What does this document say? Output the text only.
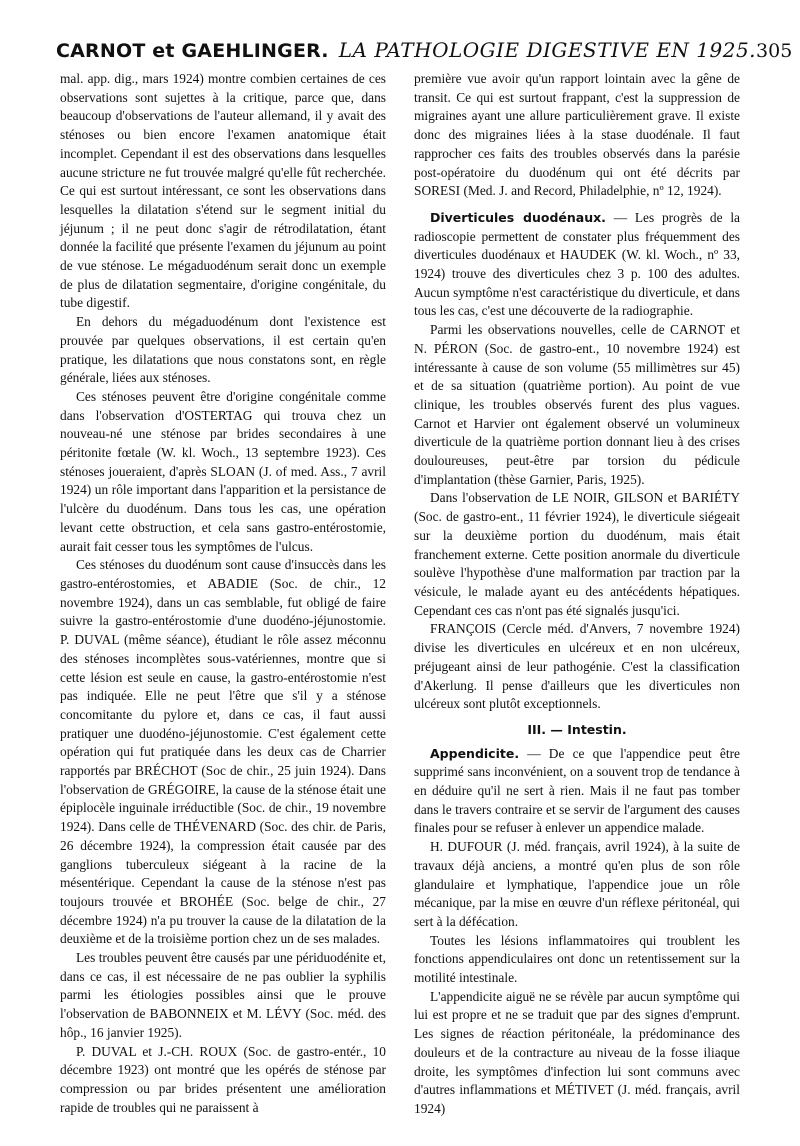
CARNOT et GAEHLINGER. LA PATHOLOGIE DIGESTIVE EN 1925. 305

mal. app. dig., mars 1924) montre combien certaines de ces observations sont sujettes à la critique, parce que, dans beaucoup d'observations de l'auteur allemand, il y avait des sténoses ou bien encore l'examen anatomique était incomplet. Cependant il est des observations dans lesquelles aucune stricture ne fut trouvée malgré qu'elle fût recherchée. Ce qui est surtout intéressant, ce sont les observations dans lesquelles la dilatation s'étend sur le segment initial du jéjunum ; il ne peut donc s'agir de rétrodilatation, étant donnée la facilité que présente l'examen du jéjunum au point de vue sténose. Le mégaduodénum serait donc un exemple de plus de dilatation segmentaire, d'origine congénitale, du tube digestif.

En dehors du mégaduodénum dont l'existence est prouvée par quelques observations, il est certain qu'en pratique, les dilatations que nous constatons sont, en règle générale, liées aux sténoses.

Ces sténoses peuvent être d'origine congénitale comme dans l'observation d'OSTERTAG qui trouva chez un nouveau-né une sténose par brides secondaires à une péritonite fœtale (W. kl. Woch., 13 septembre 1923). Ces sténoses joueraient, d'après SLOAN (J. of med. Ass., 7 avril 1924) un rôle important dans l'apparition et la persistance de l'ulcère du duodénum. Dans tous les cas, une opération levant cette obstruction, et cela sans gastro-entérostomie, aurait fait cesser tous les symptômes de l'ulcus.

Ces sténoses du duodénum sont cause d'insuccès dans les gastro-entérostomies, et ABADIE (Soc. de chir., 12 novembre 1924), dans un cas semblable, fut obligé de faire suivre la gastro-entérostomie d'une duodéno-jéjunostomie. P. DUVAL (même séance), étudiant le rôle assez méconnu des sténoses incomplètes sous-vatériennes, montre que si cette lésion est seule en cause, la gastro-entérostomie n'est pas indiquée. Elle ne peut l'être que s'il y a sténose concomitante du pylore et, dans ce cas, il faut aussi pratiquer une duodéno-jéjunostomie. C'est également cette opération qui fut pratiquée dans les deux cas de Charrier rapportés par BRÉCHOT (Soc de chir., 25 juin 1924). Dans l'observation de GRÉGOIRE, la cause de la sténose était une épiplocèle inguinale irréductible (Soc. de chir., 19 novembre 1924). Dans celle de THÉVENARD (Soc. des chir. de Paris, 26 décembre 1924), la compression était causée par des ganglions tuberculeux siégeant à la racine de la mésentérique. Cependant la cause de la sténose n'est pas toujours trouvée et BROHÉE (Soc. belge de chir., 27 décembre 1924) n'a pu trouver la cause de la dilatation de la deuxième et de la troisième portion chez un de ses malades.

Les troubles peuvent être causés par une périduodénite et, dans ce cas, il est nécessaire de ne pas oublier la syphilis parmi les étiologies possibles ainsi que le prouve l'observation de BABONNEIX et M. LÉVY (Soc. méd. des hôp., 16 janvier 1925).

P. DUVAL et J.-CH. ROUX (Soc. de gastro-entér., 10 décembre 1923) ont montré que les opérés de sténose par compression ou par brides présentent une amélioration rapide de troubles qui ne paraissent à

première vue avoir qu'un rapport lointain avec la gêne de transit. Ce qui est surtout frappant, c'est la suppression de migraines ayant une allure particulièrement grave. Il existe donc des migraines liées à la stase duodénale. Il faut rapprocher ces faits des troubles observés dans la parésie post-opératoire du duodénum qui ont été décrits par SORESI (Med. J. and Record, Philadelphie, nº 12, 1924).

Diverticules duodénaux. — Les progrès de la radioscopie permettent de constater plus fréquemment des diverticules duodénaux et HAUDEK (W. kl. Woch., nº 33, 1924) trouve des diverticules chez 3 p. 100 des adultes. Aucun symptôme n'est caractéristique du diverticule, et dans tous les cas, c'est une découverte de la radiographie.

Parmi les observations nouvelles, celle de CARNOT et N. PÉRON (Soc. de gastro-ent., 10 novembre 1924) est intéressante à cause de son volume (55 millimètres sur 45) et de sa situation (quatrième portion). Au point de vue clinique, les troubles observés furent des plus vagues. Carnot et Harvier ont également observé un volumineux diverticule de la quatrième portion donnant lieu à des crises douloureuses, peut-être par torsion du pédicule d'implantation (thèse Garnier, Paris, 1925).

Dans l'observation de LE NOIR, GILSON et BARIÉTY (Soc. de gastro-ent., 11 février 1924), le diverticule siégeait sur la deuxième portion du duodénum, mais était franchement externe. Cette position anormale du diverticule soulève l'hypothèse d'une malformation par traction par la vésicule, le malade ayant eu des antécédents hépatiques. Cependant ces cas n'ont pas été signalés jusqu'ici.

FRANÇOIS (Cercle méd. d'Anvers, 7 novembre 1924) divise les diverticules en ulcéreux et en non ulcéreux, préjugeant ainsi de leur pathogénie. C'est la classification d'Akerlung. Il pense d'ailleurs que les diverticules non ulcéreux sont plutôt exceptionnels.

III. — Intestin.

Appendicite. — De ce que l'appendice peut être supprimé sans inconvénient, on a souvent trop de tendance à en déduire qu'il ne sert à rien. Mais il ne faut pas tomber dans le travers contraire et se servir de l'argument des causes finales pour se refuser à enlever un appendice malade.

H. DUFOUR (J. méd. français, avril 1924), à la suite de travaux déjà anciens, a montré qu'en plus de son rôle glandulaire et lymphatique, l'appendice joue un rôle mécanique, par la mise en œuvre d'un réflexe péritonéal, qui sert à la défécation.

Toutes les lésions inflammatoires qui troublent les fonctions appendiculaires ont donc un retentissement sur la motilité intestinale.

L'appendicite aiguë ne se révèle par aucun symptôme qui lui est propre et ne se traduit que par des signes d'emprunt. Les signes de réaction péritonéale, la prédominance des douleurs et de la contracture au niveau de la fosse iliaque droite, les symptômes d'infection lui sont communs avec d'autres inflammations et MÉTIVET (J. méd. français, avril 1924)
